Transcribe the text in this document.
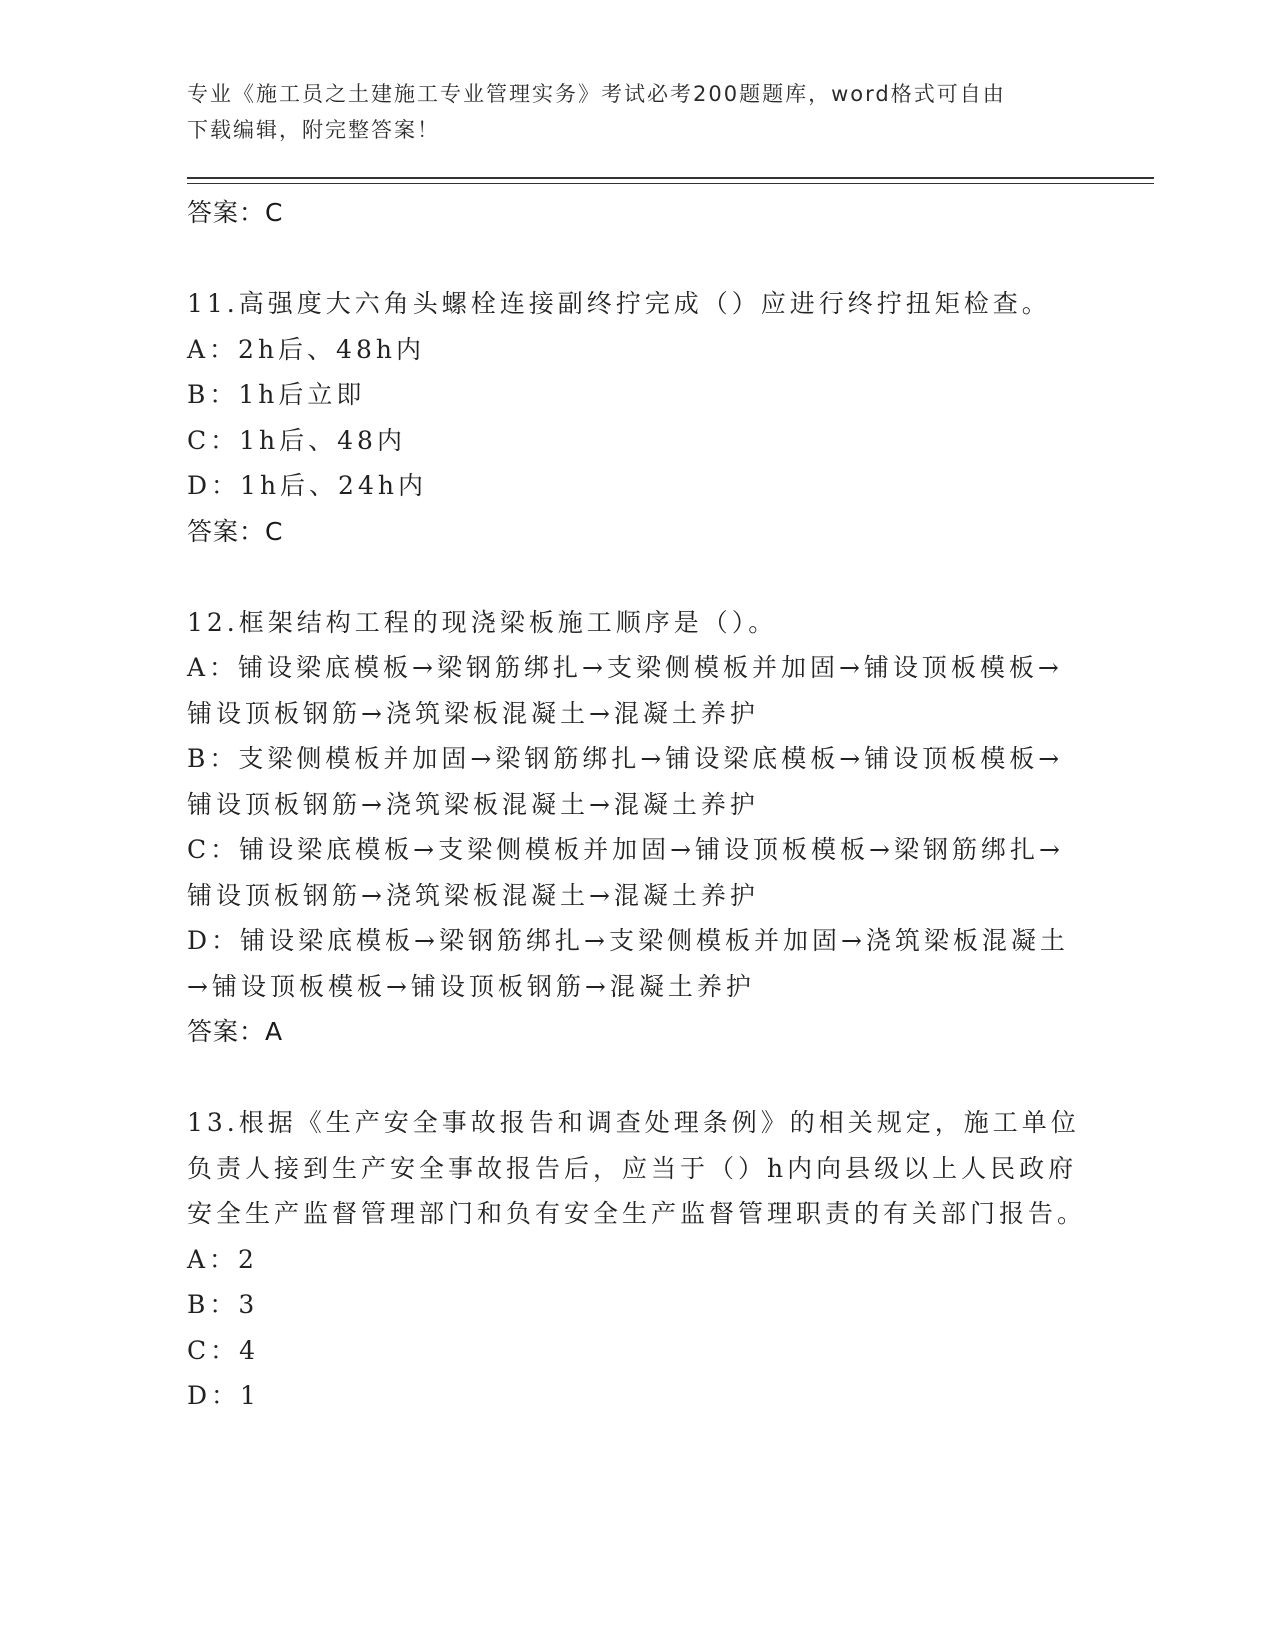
专业《施工员之土建施工专业管理实务》考试必考200题题库，word格式可自由
下载编辑，附完整答案！
答案：C
11.高强度大六角头螺栓连接副终拧完成（）应进行终拧扭矩检查。
A：2h后、48h内
B：1h后立即
C：1h后、48内
D：1h后、24h内
答案：C
12.框架结构工程的现浇梁板施工顺序是（）。
A：铺设梁底模板→梁钢筋绑扎→支梁侧模板并加固→铺设顶板模板→铺设顶板钢筋→浇筑梁板混凝土→混凝土养护
B：支梁侧模板并加固→梁钢筋绑扎→铺设梁底模板→铺设顶板模板→铺设顶板钢筋→浇筑梁板混凝土→混凝土养护
C：铺设梁底模板→支梁侧模板并加固→铺设顶板模板→梁钢筋绑扎→铺设顶板钢筋→浇筑梁板混凝土→混凝土养护
D：铺设梁底模板→梁钢筋绑扎→支梁侧模板并加固→浇筑梁板混凝土→铺设顶板模板→铺设顶板钢筋→混凝土养护
答案：A
13.根据《生产安全事故报告和调查处理条例》的相关规定，施工单位负责人接到生产安全事故报告后，应当于（）h内向县级以上人民政府安全生产监督管理部门和负有安全生产监督管理职责的有关部门报告。
A：2
B：3
C：4
D：1
